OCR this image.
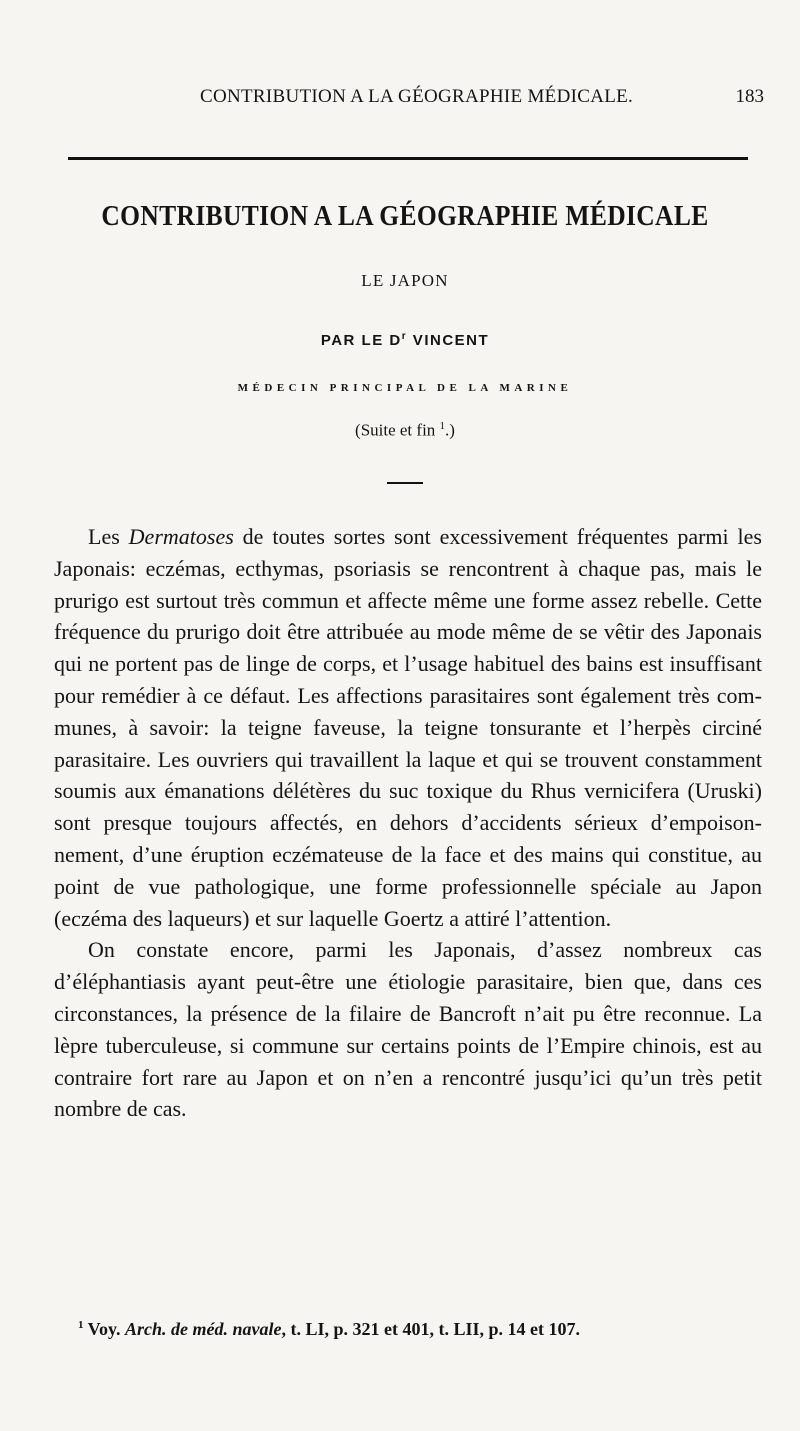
CONTRIBUTION A LA GÉOGRAPHIE MÉDICALE.	183
CONTRIBUTION A LA GÉOGRAPHIE MÉDICALE
LE JAPON
PAR LE $D^r$ VINCENT
MÉDECIN PRINCIPAL DE LA MARINE
(Suite et fin $^1$.)

Les Dermatoses de toutes sortes sont excessivement fréquentes parmi les Japonais: eczémas, ecthymas, psoriasis se rencontrent à chaque pas, mais le prurigo est surtout très commun et affecte même une forme assez rebelle. Cette fréquence du prurigo doit être attribuée au mode même de se vêtir des Japonais qui ne portent pas de linge de corps, et l’usage habituel des bains est insuffisant pour remédier à ce défaut. Les affections parasitaires sont également très communes, à savoir: la teigne faveuse, la teigne tonsurante et l’herpès circiné parasitaire. Les ouvriers qui travaillent la laque et qui se trouvent constamment soumis aux émanations délétères du suc toxique du Rhus vernicifera (Uruski) sont presque toujours affectés, en dehors d’accidents sérieux d’empoisonnement, d’une éruption eczémateuse de la face et des mains qui constitue, au point de vue pathologique, une forme professionnelle spéciale au Japon (eczéma des laqueurs) et sur laquelle Goertz a attiré l’attention.

On constate encore, parmi les Japonais, d’assez nombreux cas d’éléphantiasis ayant peut-être une étiologie parasitaire, bien que, dans ces circonstances, la présence de la filaire de Bancroft n’ait pu être reconnue. La lèpre tuberculeuse, si commune sur certains points de l’Empire chinois, est au contraire fort rare au Japon et on n’en a rencontré jusqu’ici qu’un très petit nombre de cas.

$^1$ Voy. Arch. de méd. navale, t. LI, p. 321 et 401, t. LII, p. 14 et 107.
